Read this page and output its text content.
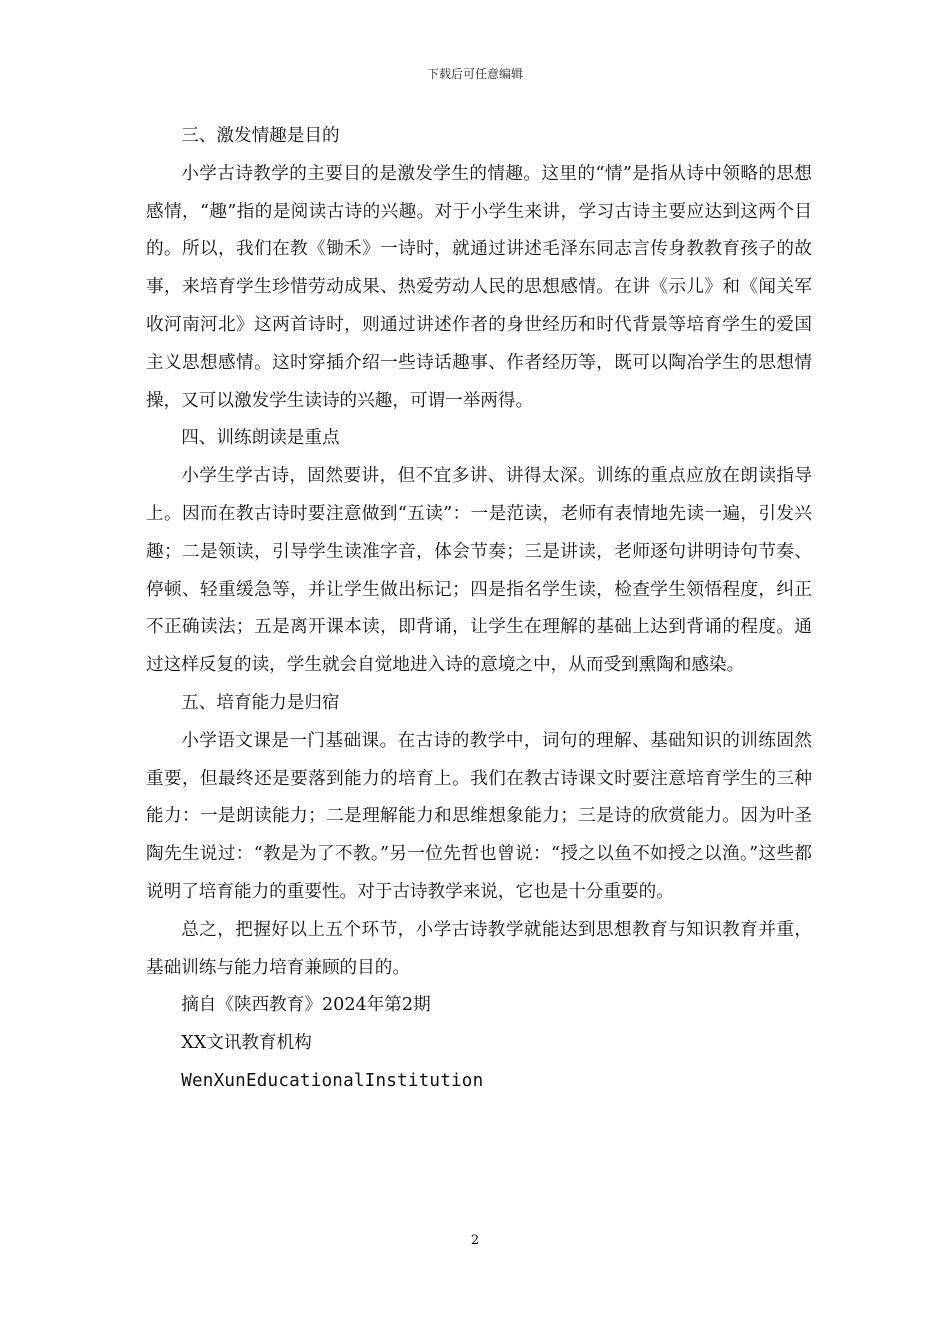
下载后可任意编辑

三、激发情趣是目的

小学古诗教学的主要目的是激发学生的情趣。这里的“情”是指从诗中领略的思想感情，“趣”指的是阅读古诗的兴趣。对于小学生来讲，学习古诗主要应达到这两个目的。所以，我们在教《锄禾》一诗时，就通过讲述毛泽东同志言传身教教育孩子的故事，来培育学生珍惜劳动成果、热爱劳动人民的思想感情。在讲《示儿》和《闻关军收河南河北》这两首诗时，则通过讲述作者的身世经历和时代背景等培育学生的爱国主义思想感情。这时穿插介绍一些诗话趣事、作者经历等，既可以陶冶学生的思想情操，又可以激发学生读诗的兴趣，可谓一举两得。

四、训练朗读是重点

小学生学古诗，固然要讲，但不宜多讲、讲得太深。训练的重点应放在朗读指导上。因而在教古诗时要注意做到“五读”：一是范读，老师有表情地先读一遍，引发兴趣；二是领读，引导学生读准字音，体会节奏；三是讲读，老师逐句讲明诗句节奏、停顿、轻重缓急等，并让学生做出标记；四是指名学生读，检查学生领悟程度，纠正不正确读法；五是离开课本读，即背诵，让学生在理解的基础上达到背诵的程度。通过这样反复的读，学生就会自觉地进入诗的意境之中，从而受到熏陶和感染。

五、培育能力是归宿

小学语文课是一门基础课。在古诗的教学中，词句的理解、基础知识的训练固然重要，但最终还是要落到能力的培育上。我们在教古诗课文时要注意培育学生的三种能力：一是朗读能力；二是理解能力和思维想象能力；三是诗的欣赏能力。因为叶圣陶先生说过：“教是为了不教。”另一位先哲也曾说：“授之以鱼不如授之以渔。”这些都说明了培育能力的重要性。对于古诗教学来说，它也是十分重要的。

总之，把握好以上五个环节，小学古诗教学就能达到思想教育与知识教育并重，基础训练与能力培育兼顾的目的。

摘自《陕西教育》2024年第2期

XX文讯教育机构

WenXunEducationalInstitution

2
